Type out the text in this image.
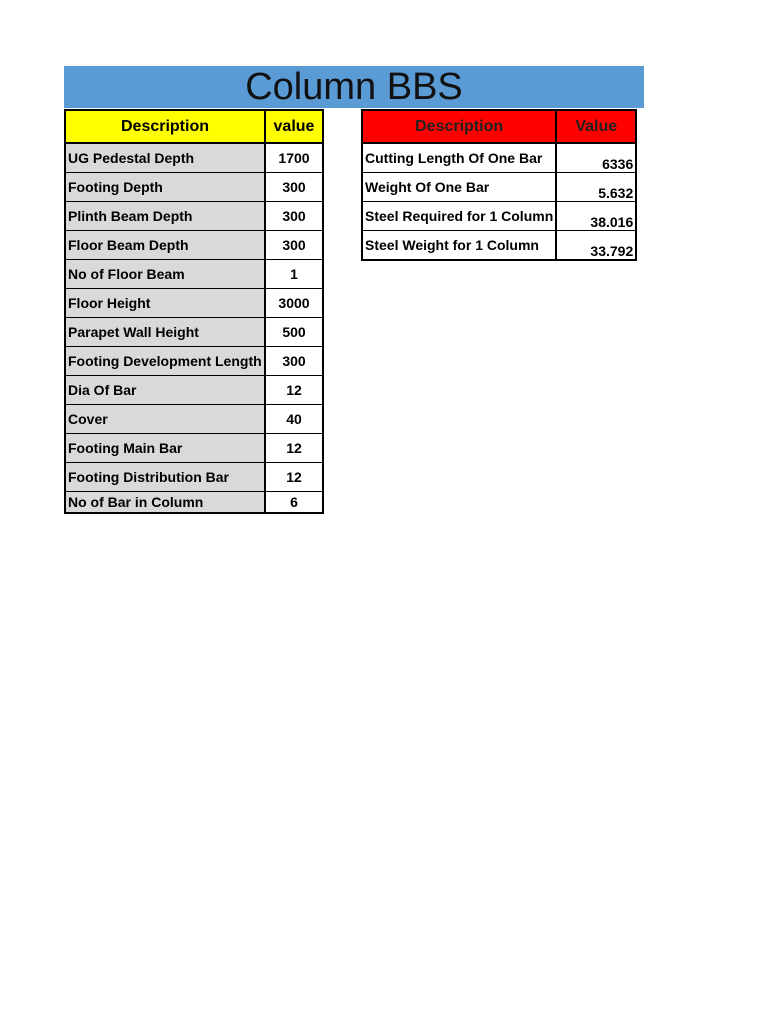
Column BBS
Description	value
UG Pedestal Depth	1700
Footing Depth	300
Plinth Beam Depth	300
Floor Beam Depth	300
No of Floor Beam	1
Floor Height	3000
Parapet Wall Height	500
Footing Development Length	300
Dia Of Bar	12
Cover	40
Footing Main Bar	12
Footing Distribution Bar	12
No of Bar in Column	6
Description	Value
Cutting Length Of One Bar	6336
Weight Of One Bar	5.632
Steel Required for 1 Column	38.016
Steel Weight for 1 Column	33.792
